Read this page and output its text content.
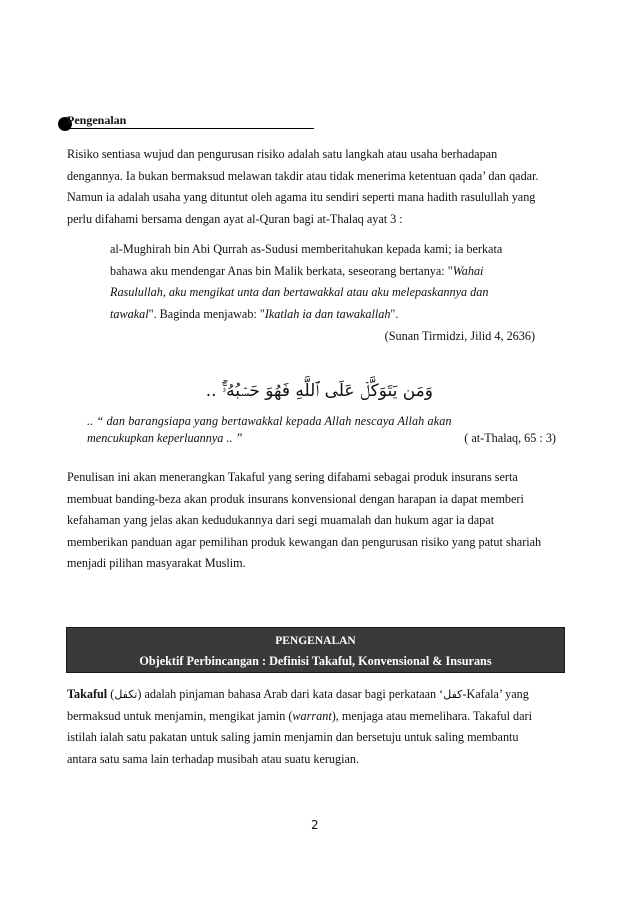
Pengenalan

Risiko sentiasa wujud dan pengurusan risiko adalah satu langkah atau usaha berhadapan
dengannya. Ia bukan bermaksud melawan takdir atau tidak menerima ketentuan qada’ dan qadar.
Namun ia adalah usaha yang dituntut oleh agama itu sendiri seperti mana hadith rasulullah yang
perlu difahami bersama dengan ayat al-Quran bagi at-Thalaq ayat 3 :

al-Mughirah bin Abi Qurrah as-Sudusi memberitahukan kepada kami; ia berkata
bahawa aku mendengar Anas bin Malik berkata, seseorang bertanya: "Wahai
Rasulullah, aku mengikat unta dan bertawakkal atau aku melepaskannya dan
tawakal". Baginda menjawab: "Ikatlah ia dan tawakallah".

(Sunan Tirmidzi, Jilid 4, 2636)
وَمَن يَتَوَكَّلۡ عَلَى ٱللَّهِ فَهُوَ حَسۡبُهُۥٓۚ ..
.. “ dan barangsiapa yang bertawakkal kepada Allah nescaya Allah akan
mencukupkan keperluannya .. ”	( at-Thalaq, 65 : 3)

Penulisan ini akan menerangkan Takaful yang sering difahami sebagai produk insurans serta
membuat banding-beza akan produk insurans konvensional dengan harapan ia dapat memberi
kefahaman yang jelas akan kedudukannya dari segi muamalah dan hukum agar ia dapat
memberikan panduan agar pemilihan produk kewangan dan pengurusan risiko yang patut shariah
menjadi pilihan masyarakat Muslim.

PENGENALAN
Objektif Perbincangan : Definisi Takaful, Konvensional & Insurans

Takaful (تكفل) adalah pinjaman bahasa Arab dari kata dasar bagi perkataan ‘كفل-Kafala’ yang
bermaksud untuk menjamin, mengikat jamin (warrant), menjaga atau memelihara. Takaful dari
istilah ialah satu pakatan untuk saling jamin menjamin dan bersetuju untuk saling membantu
antara satu sama lain terhadap musibah atau suatu kerugian.

2
